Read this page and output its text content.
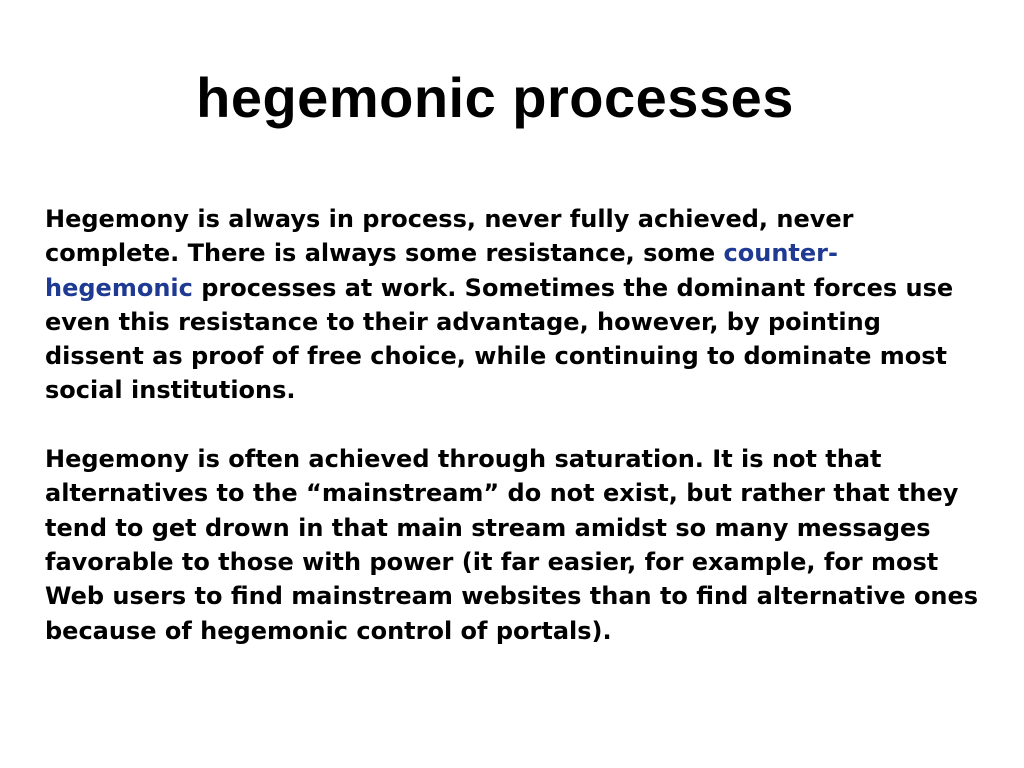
hegemonic processes

Hegemony is always in process, never fully achieved, never complete. There is always some resistance, some counter-hegemonic processes at work. Sometimes the dominant forces use even this resistance to their advantage, however, by pointing dissent as proof of free choice, while continuing to dominate most social institutions.

Hegemony is often achieved through saturation. It is not that alternatives to the “mainstream” do not exist, but rather that they tend to get drown in that main stream amidst so many messages favorable to those with power (it far easier, for example, for most Web users to find mainstream websites than to find alternative ones because of hegemonic control of portals).
